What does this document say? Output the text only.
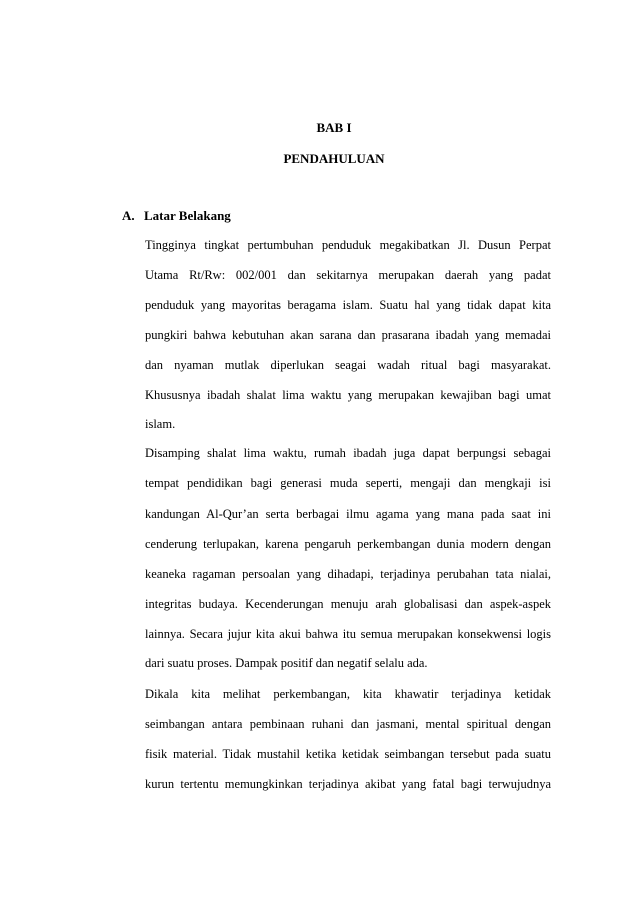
BAB I
PENDAHULUAN
A. Latar Belakang
Tingginya tingkat pertumbuhan penduduk megakibatkan Jl. Dusun Perpat
Utama Rt/Rw: 002/001 dan sekitarnya merupakan daerah yang padat
penduduk yang mayoritas beragama islam. Suatu hal yang tidak dapat kita
pungkiri bahwa kebutuhan akan sarana dan prasarana ibadah yang memadai
dan nyaman mutlak diperlukan seagai wadah ritual bagi masyarakat.
Khususnya ibadah shalat lima waktu yang merupakan kewajiban bagi umat
islam.
Disamping shalat lima waktu, rumah ibadah juga dapat berpungsi sebagai
tempat pendidikan bagi generasi muda seperti, mengaji dan mengkaji isi
kandungan Al-Qur’an serta berbagai ilmu agama yang mana pada saat ini
cenderung terlupakan, karena pengaruh perkembangan dunia modern dengan
keaneka ragaman persoalan yang dihadapi, terjadinya perubahan tata nialai,
integritas budaya. Kecenderungan menuju arah globalisasi dan aspek-aspek
lainnya. Secara jujur kita akui bahwa itu semua merupakan konsekwensi logis
dari suatu proses. Dampak positif dan negatif selalu ada.
Dikala kita melihat perkembangan, kita khawatir terjadinya ketidak
seimbangan antara pembinaan ruhani dan jasmani, mental spiritual dengan
fisik material. Tidak mustahil ketika ketidak seimbangan tersebut pada suatu
kurun tertentu memungkinkan terjadinya akibat yang fatal bagi terwujudnya
